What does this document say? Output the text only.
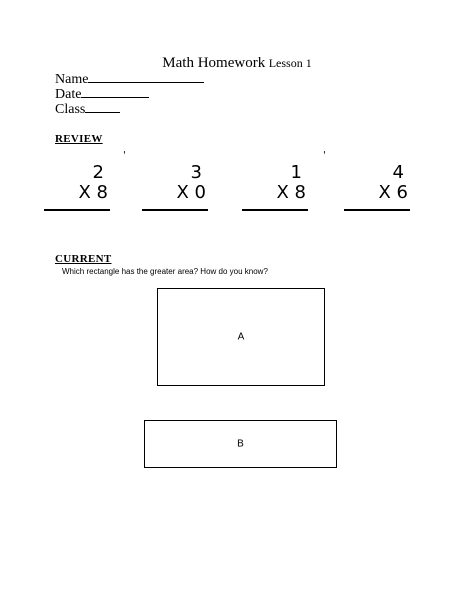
Math Homework Lesson 1
Name
Date
Class
REVIEW
'	'
2
X 8
3
X 0
1
X 8
4
X 6
CURRENT
Which rectangle has the greater area? How do you know?
A
B
